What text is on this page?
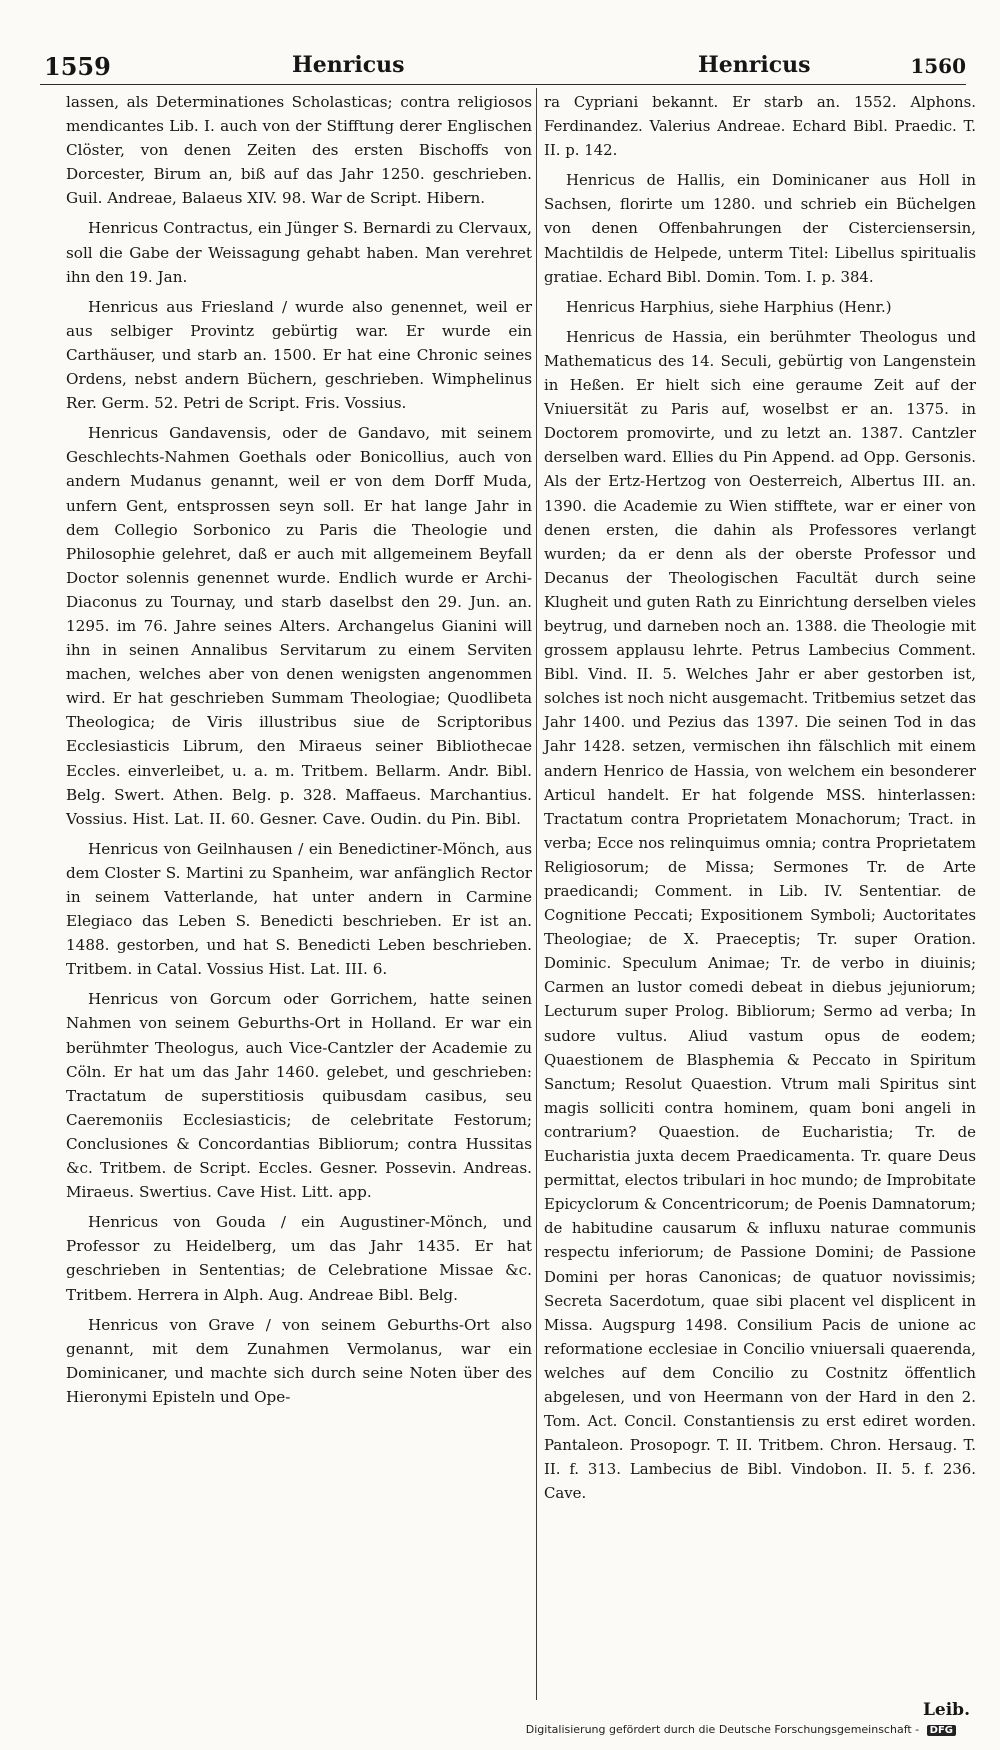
1559	Henricus	Henricus	1560

lassen, als Determinationes Scholasticas; contra religiosos mendicantes Lib. I. auch von der Stifftung derer Englischen Clöster, von denen Zeiten des ersten Bischoffs von Dorcester, Birum an, biß auf das Jahr 1250. geschrieben. Guil. Andreae, Balaeus XIV. 98. War de Script. Hibern.

Henricus Contractus, ein Jünger S. Bernardi zu Clervaux, soll die Gabe der Weissagung gehabt haben. Man verehret ihn den 19. Jan.

Henricus aus Friesland / wurde also genennet, weil er aus selbiger Provintz gebürtig war. Er wurde ein Carthäuser, und starb an. 1500. Er hat eine Chronic seines Ordens, nebst andern Büchern, geschrieben. Wimphelinus Rer. Germ. 52. Petri de Script. Fris. Vossius.

Henricus Gandavensis, oder de Gandavo, mit seinem Geschlechts-Nahmen Goethals oder Bonicollius, auch von andern Mudanus genannt, weil er von dem Dorff Muda, unfern Gent, entsprossen seyn soll. Er hat lange Jahr in dem Collegio Sorbonico zu Paris die Theologie und Philosophie gelehret, daß er auch mit allgemeinem Beyfall Doctor solennis genennet wurde. Endlich wurde er Archi-Diaconus zu Tournay, und starb daselbst den 29. Jun. an. 1295. im 76. Jahre seines Alters. Archangelus Gianini will ihn in seinen Annalibus Servitarum zu einem Serviten machen, welches aber von denen wenigsten angenommen wird. Er hat geschrieben Summam Theologiae; Quodlibeta Theologica; de Viris illustribus siue de Scriptoribus Ecclesiasticis Librum, den Miraeus seiner Bibliothecae Eccles. einverleibet, u. a. m. Tritbem. Bellarm. Andr. Bibl. Belg. Swert. Athen. Belg. p. 328. Maffaeus. Marchantius. Vossius. Hist. Lat. II. 60. Gesner. Cave. Oudin. du Pin. Bibl.

Henricus von Geilnhausen / ein Benedictiner-Mönch, aus dem Closter S. Martini zu Spanheim, war anfänglich Rector in seinem Vatterlande, hat unter andern in Carmine Elegiaco das Leben S. Benedicti beschrieben. Er ist an. 1488. gestorben, und hat S. Benedicti Leben beschrieben. Tritbem. in Catal. Vossius Hist. Lat. III. 6.

Henricus von Gorcum oder Gorrichem, hatte seinen Nahmen von seinem Geburths-Ort in Holland. Er war ein berühmter Theologus, auch Vice-Cantzler der Academie zu Cöln. Er hat um das Jahr 1460. gelebet, und geschrieben: Tractatum de superstitiosis quibusdam casibus, seu Caeremoniis Ecclesiasticis; de celebritate Festorum; Conclusiones & Concordantias Bibliorum; contra Hussitas &c. Tritbem. de Script. Eccles. Gesner. Possevin. Andreas. Miraeus. Swertius. Cave Hist. Litt. app.

Henricus von Gouda / ein Augustiner-Mönch, und Professor zu Heidelberg, um das Jahr 1435. Er hat geschrieben in Sententias; de Celebratione Missae &c. Tritbem. Herrera in Alph. Aug. Andreae Bibl. Belg.

Henricus von Grave / von seinem Geburths-Ort also genannt, mit dem Zunahmen Vermolanus, war ein Dominicaner, und machte sich durch seine Noten über des Hieronymi Episteln und Ope-

ra Cypriani bekannt. Er starb an. 1552. Alphons. Ferdinandez. Valerius Andreae. Echard Bibl. Praedic. T. II. p. 142.

Henricus de Hallis, ein Dominicaner aus Holl in Sachsen, florirte um 1280. und schrieb ein Büchelgen von denen Offenbahrungen der Cisterciensersin, Machtildis de Helpede, unterm Titel: Libellus spiritualis gratiae. Echard Bibl. Domin. Tom. I. p. 384.

Henricus Harphius, siehe Harphius (Henr.)

Henricus de Hassia, ein berühmter Theologus und Mathematicus des 14. Seculi, gebürtig von Langenstein in Heßen. Er hielt sich eine geraume Zeit auf der Vniuersität zu Paris auf, woselbst er an. 1375. in Doctorem promovirte, und zu letzt an. 1387. Cantzler derselben ward. Ellies du Pin Append. ad Opp. Gersonis. Als der Ertz-Hertzog von Oesterreich, Albertus III. an. 1390. die Academie zu Wien stifftete, war er einer von denen ersten, die dahin als Professores verlangt wurden; da er denn als der oberste Professor und Decanus der Theologischen Facultät durch seine Klugheit und guten Rath zu Einrichtung derselben vieles beytrug, und darneben noch an. 1388. die Theologie mit grossem applausu lehrte. Petrus Lambecius Comment. Bibl. Vind. II. 5. Welches Jahr er aber gestorben ist, solches ist noch nicht ausgemacht. Tritbemius setzet das Jahr 1400. und Pezius das 1397. Die seinen Tod in das Jahr 1428. setzen, vermischen ihn fälschlich mit einem andern Henrico de Hassia, von welchem ein besonderer Articul handelt. Er hat folgende MSS. hinterlassen: Tractatum contra Proprietatem Monachorum; Tract. in verba; Ecce nos relinquimus omnia; contra Proprietatem Religiosorum; de Missa; Sermones Tr. de Arte praedicandi; Comment. in Lib. IV. Sententiar. de Cognitione Peccati; Expositionem Symboli; Auctoritates Theologiae; de X. Praeceptis; Tr. super Oration. Dominic. Speculum Animae; Tr. de verbo in diuinis; Carmen an lustor comedi debeat in diebus jejuniorum; Lecturum super Prolog. Bibliorum; Sermo ad verba; In sudore vultus. Aliud vastum opus de eodem; Quaestionem de Blasphemia & Peccato in Spiritum Sanctum; Resolut Quaestion. Vtrum mali Spiritus sint magis solliciti contra hominem, quam boni angeli in contrarium? Quaestion. de Eucharistia; Tr. de Eucharistia juxta decem Praedicamenta. Tr. quare Deus permittat, electos tribulari in hoc mundo; de Improbitate Epicyclorum & Concentricorum; de Poenis Damnatorum; de habitudine causarum & influxu naturae communis respectu inferiorum; de Passione Domini; de Passione Domini per horas Canonicas; de quatuor novissimis; Secreta Sacerdotum, quae sibi placent vel displicent in Missa. Augspurg 1498. Consilium Pacis de unione ac reformatione ecclesiae in Concilio vniuersali quaerenda, welches auf dem Concilio zu Costnitz öffentlich abgelesen, und von Heermann von der Hard in den 2. Tom. Act. Concil. Constantiensis zu erst ediret worden. Pantaleon. Prosopogr. T. II. Tritbem. Chron. Hersaug. T. II. f. 313. Lambecius de Bibl. Vindobon. II. 5. f. 236. Cave.

Leib.
Digitalisierung gefördert durch die Deutsche Forschungsgemeinschaft - DFG
